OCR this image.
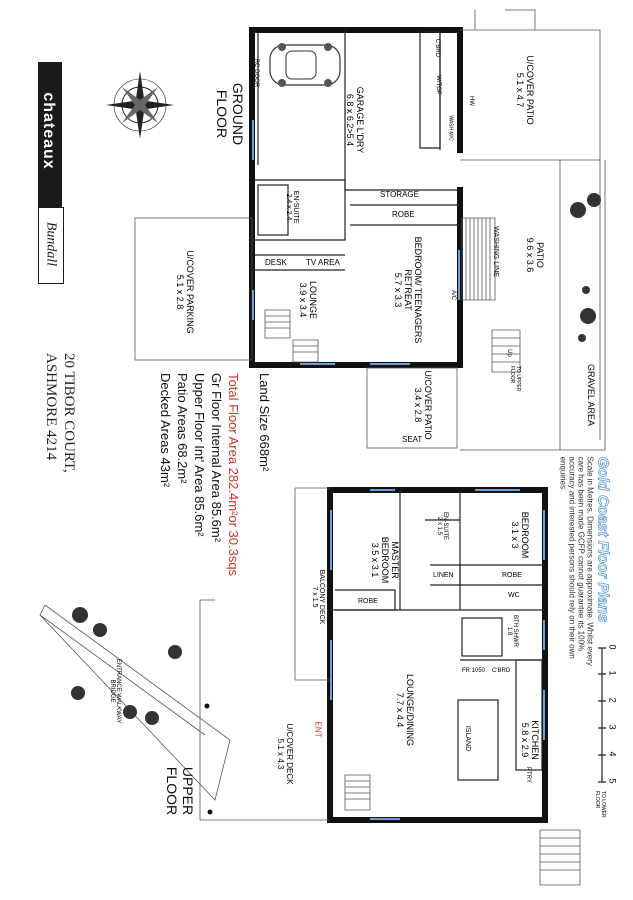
GROUND FLOOR	U/COVER PATIO
5.1 x 4.7
GARAGE L'DRY
6.8 x 6.2>5.4
PATIO
9.6 x 3.6
BEDROOM/ TEENAGERS RETREAT
5.7 x 3.3
LOUNGE
3.9 x 3.4
U/COVER PARKING
5.1 x 2.8
U/COVER PATIO
3.4 x 2.8
EN-SUITE
2.4 x 2.4	STORAGE
ROBE
TV AREA
DESK
SEAT
C'BRD
W/TOP
WASH M/C
HW
RC DOOR
WASHING LINE
A/C
GRAVEL AREA
TO UPPER FLOOR
Up
UPPER FLOOR
BEDROOM
3.1 x 3
MASTER BEDROOM
3.5 x 3.1
LOUNGE/DINING
7.7 x 4.4
KITCHEN
5.8 x 2.9
BALCONY DECK
7 x 1.5
U/COVER DECK
5.1 x 4.3
EN-SUITE
2 x 1.5
BTH SHWR
1.8
WC
LINEN	ROBE
ROBE
C'BRD
FR 1050
ISLAND
PTRY
ENT
ENTRANCE WALKWAY BRIDGE
TO LOWER FLOOR
chateaux
Bundall
20 TIBOR COURT,
ASHMORE 4214	Land Size 668m²
Total Floor Area 282.4m²or 30.3sqs
Gr Floor Internal Area 85.6m²
Upper Floor Int' Area 85.6m²
Patio Areas 68.2m²
Decked Areas 43m²
Gold Coast Floor Plans
Scale in Metres. Dimensions are approximate. Whilst every care has been made GCFP cannot guarantee its 100% accuracy and interested persons should rely on their own enquiries
0
1
2
3
4
5
